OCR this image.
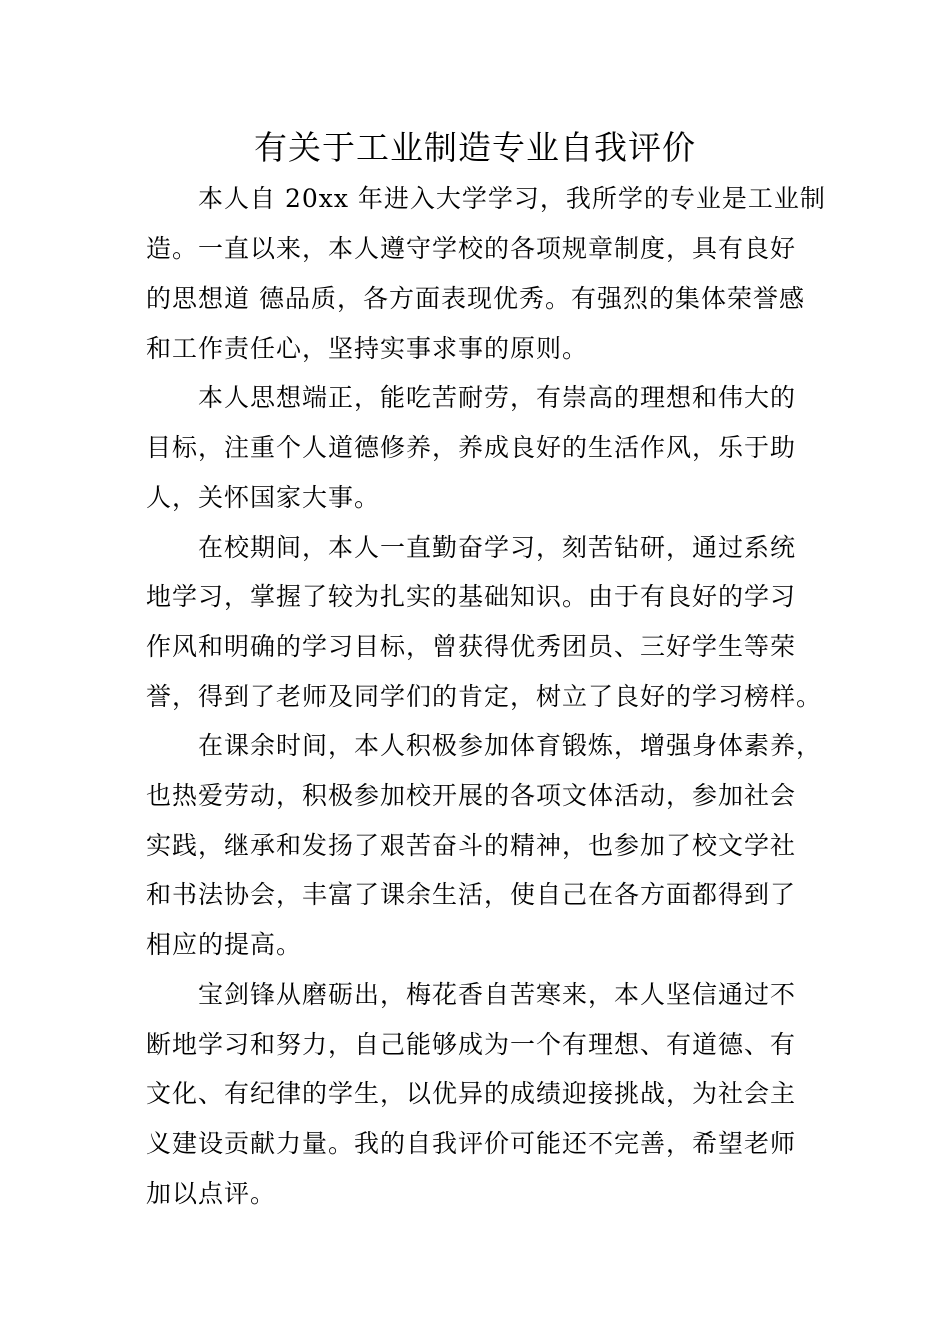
有关于工业制造专业自我评价
本人自 20xx 年进入大学学习，我所学的专业是工业制
造。一直以来，本人遵守学校的各项规章制度，具有良好
的思想道 德品质，各方面表现优秀。有强烈的集体荣誉感
和工作责任心，坚持实事求事的原则。
本人思想端正，能吃苦耐劳，有崇高的理想和伟大的
目标，注重个人道德修养，养成良好的生活作风，乐于助
人，关怀国家大事。
在校期间，本人一直勤奋学习，刻苦钻研，通过系统
地学习，掌握了较为扎实的基础知识。由于有良好的学习
作风和明确的学习目标，曾获得优秀团员、三好学生等荣
誉，得到了老师及同学们的肯定，树立了良好的学习榜样。
在课余时间，本人积极参加体育锻炼，增强身体素养，
也热爱劳动，积极参加校开展的各项文体活动，参加社会
实践，继承和发扬了艰苦奋斗的精神，也参加了校文学社
和书法协会，丰富了课余生活，使自己在各方面都得到了
相应的提高。
宝剑锋从磨砺出，梅花香自苦寒来，本人坚信通过不
断地学习和努力，自己能够成为一个有理想、有道德、有
文化、有纪律的学生，以优异的成绩迎接挑战，为社会主
义建设贡献力量。我的自我评价可能还不完善，希望老师
加以点评。
